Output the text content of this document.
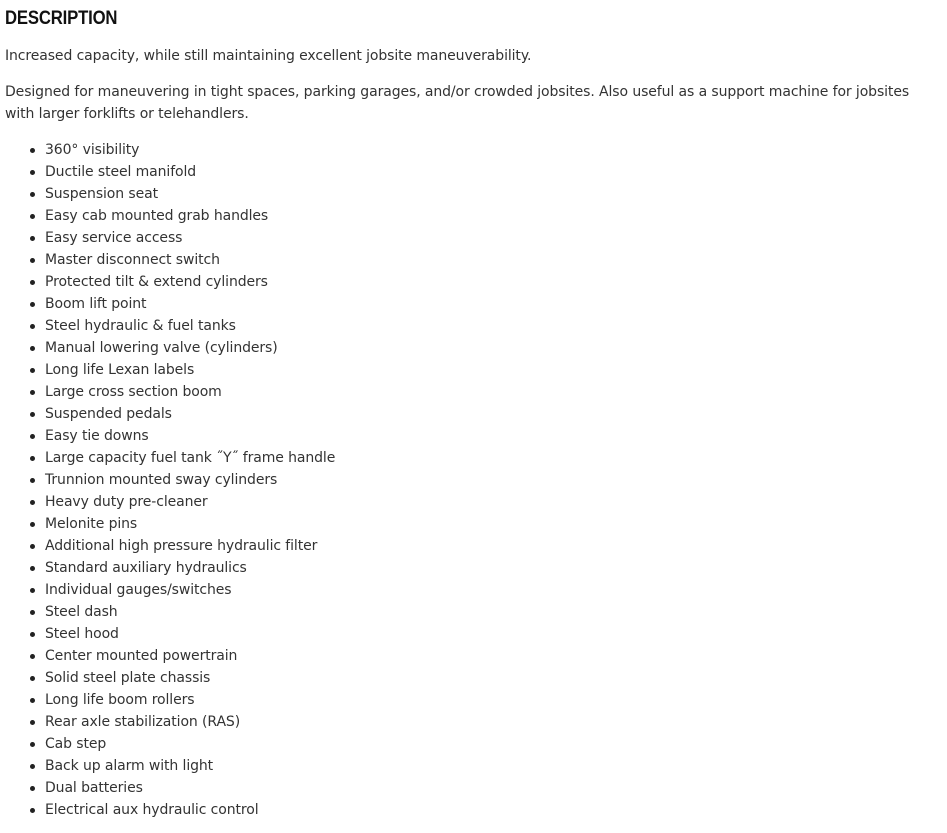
DESCRIPTION

Increased capacity, while still maintaining excellent jobsite maneuverability.

Designed for maneuvering in tight spaces, parking garages, and/or crowded jobsites. Also useful as a support machine for jobsites with larger forklifts or telehandlers.

360° visibility
Ductile steel manifold
Suspension seat
Easy cab mounted grab handles
Easy service access
Master disconnect switch
Protected tilt & extend cylinders
Boom lift point
Steel hydraulic & fuel tanks
Manual lowering valve (cylinders)
Long life Lexan labels
Large cross section boom
Suspended pedals
Easy tie downs
Large capacity fuel tank ˝Y˝ frame handle
Trunnion mounted sway cylinders
Heavy duty pre-cleaner
Melonite pins
Additional high pressure hydraulic filter
Standard auxiliary hydraulics
Individual gauges/switches
Steel dash
Steel hood
Center mounted powertrain
Solid steel plate chassis
Long life boom rollers
Rear axle stabilization (RAS)
Cab step
Back up alarm with light
Dual batteries
Electrical aux hydraulic control
